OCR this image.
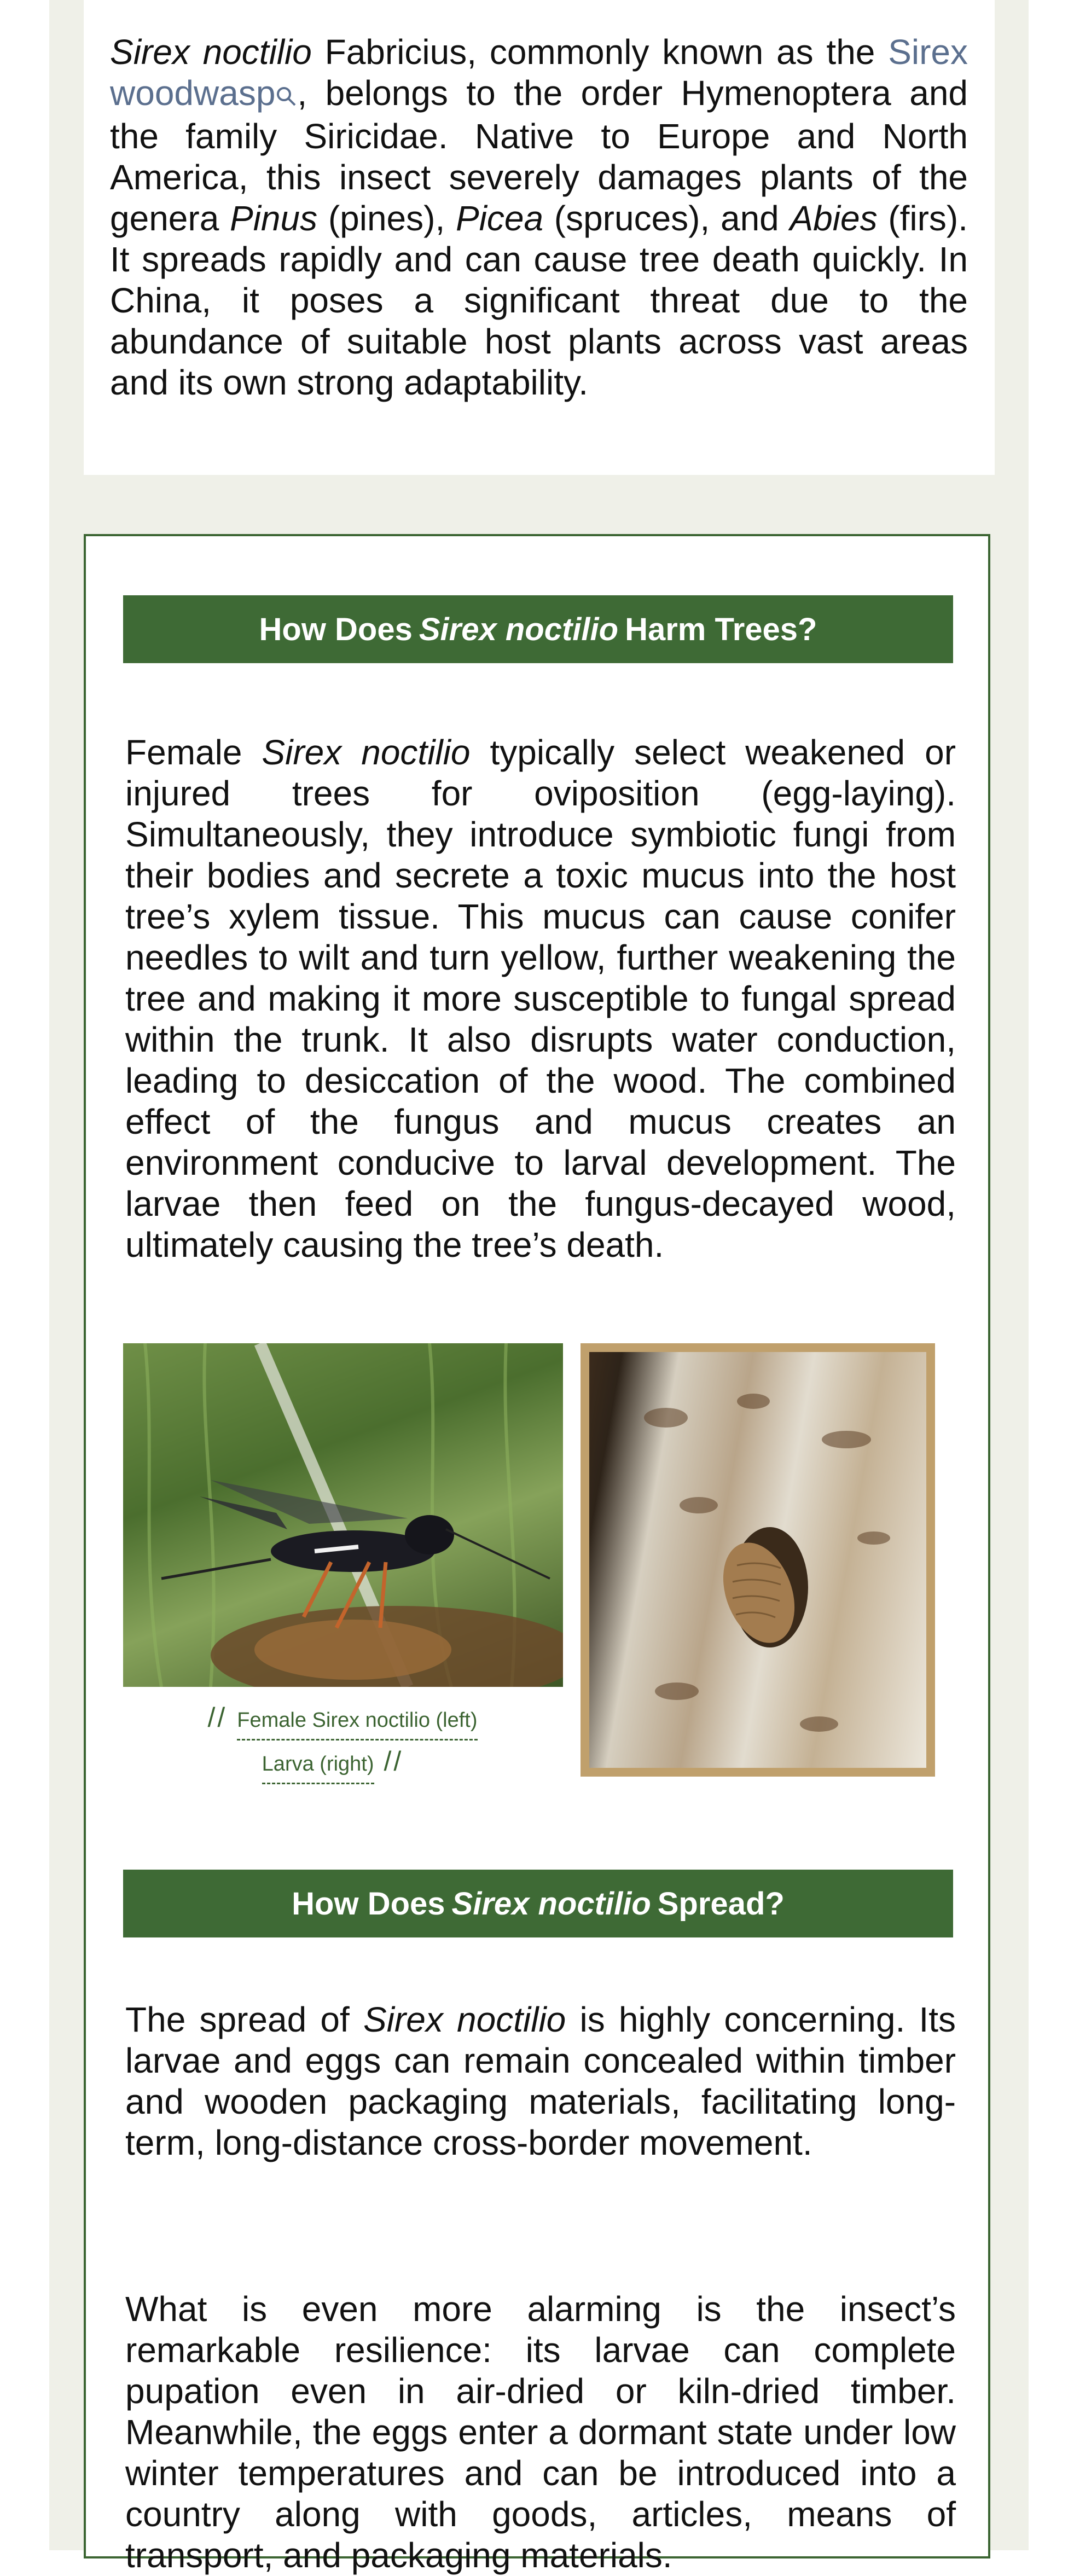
Sirex noctilio Fabricius, commonly known as the Sirex woodwasp , belongs to the order Hymenoptera and the family Siricidae. Native to Europe and North America, this insect severely damages plants of the genera Pinus (pines), Picea (spruces), and Abies (firs). It spreads rapidly and can cause tree death quickly. In China, it poses a significant threat due to the abundance of suitable host plants across vast areas and its own strong adaptability.

How Does Sirex noctilio Harm Trees?

Female Sirex noctilio typically select weakened or injured trees for oviposition (egg-laying). Simultaneously, they introduce symbiotic fungi from their bodies and secrete a toxic mucus into the host tree’s xylem tissue. This mucus can cause conifer needles to wilt and turn yellow, further weakening the tree and making it more susceptible to fungal spread within the trunk. It also disrupts water conduction, leading to desiccation of the wood. The combined effect of the fungus and mucus creates an environment conducive to larval development. The larvae then feed on the fungus-decayed wood, ultimately causing the tree’s death.

// Female Sirex noctilio (left)
Larva (right) //
How Does Sirex noctilio Spread?

The spread of Sirex noctilio is highly concerning. Its larvae and eggs can remain concealed within timber and wooden packaging materials, facilitating long-term, long-distance cross-border movement.

What is even more alarming is the insect’s remarkable resilience: its larvae can complete pupation even in air-dried or kiln-dried timber. Meanwhile, the eggs enter a dormant state under low winter temperatures and can be introduced into a country along with goods, articles, means of transport, and packaging materials.
